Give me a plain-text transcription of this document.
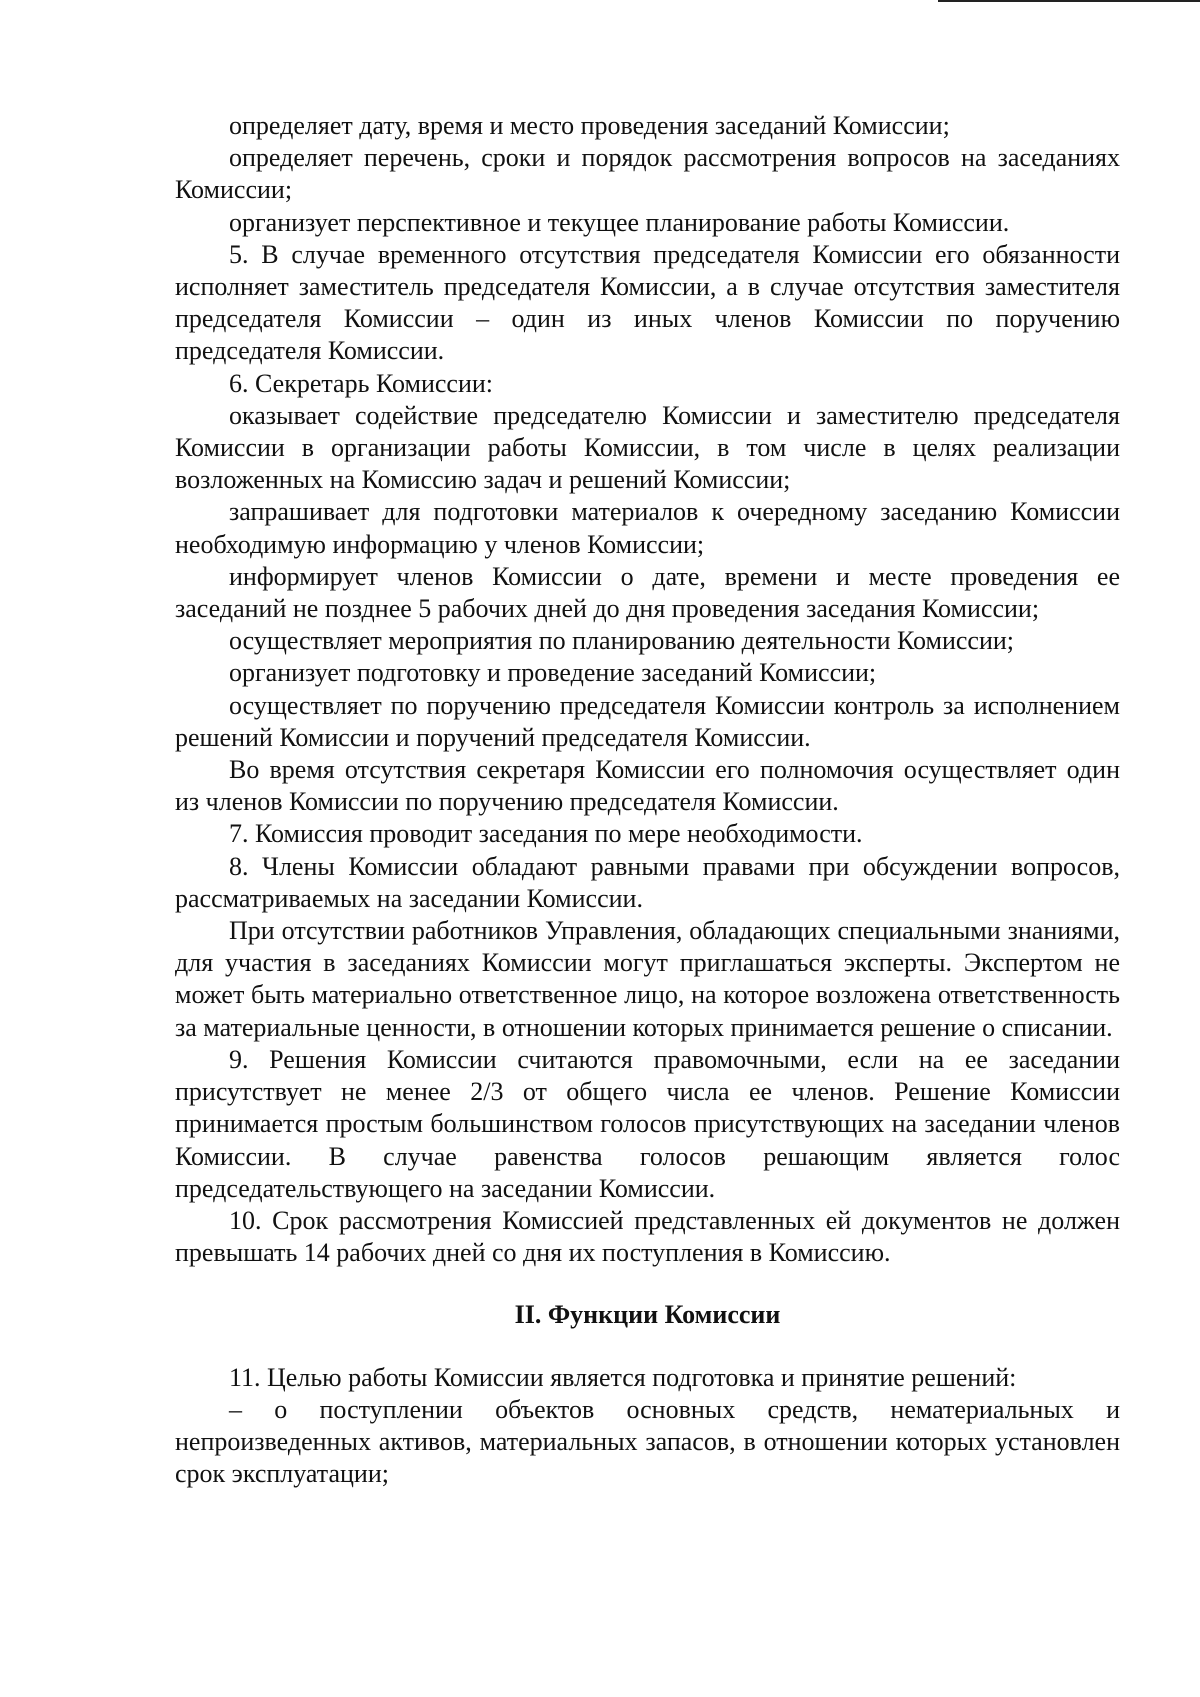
определяет дату, время и место проведения заседаний Комиссии;

определяет перечень, сроки и порядок рассмотрения вопросов на заседаниях Комиссии;

организует перспективное и текущее планирование работы Комиссии.

5. В случае временного отсутствия председателя Комиссии его обязанности исполняет заместитель председателя Комиссии, а в случае отсутствия заместителя председателя Комиссии – один из иных членов Комиссии по поручению председателя Комиссии.

6. Секретарь Комиссии:

оказывает содействие председателю Комиссии и заместителю председателя Комиссии в организации работы Комиссии, в том числе в целях реализации возложенных на Комиссию задач и решений Комиссии;

запрашивает для подготовки материалов к очередному заседанию Комиссии необходимую информацию у членов Комиссии;

информирует членов Комиссии о дате, времени и месте проведения ее заседаний не позднее 5 рабочих дней до дня проведения заседания Комиссии;

осуществляет мероприятия по планированию деятельности Комиссии;

организует подготовку и проведение заседаний Комиссии;

осуществляет по поручению председателя Комиссии контроль за исполнением решений Комиссии и поручений председателя Комиссии.

Во время отсутствия секретаря Комиссии его полномочия осуществляет один из членов Комиссии по поручению председателя Комиссии.

7. Комиссия проводит заседания по мере необходимости.

8. Члены Комиссии обладают равными правами при обсуждении вопросов, рассматриваемых на заседании Комиссии.

При отсутствии работников Управления, обладающих специальными знаниями, для участия в заседаниях Комиссии могут приглашаться эксперты. Экспертом не может быть материально ответственное лицо, на которое возложена ответственность за материальные ценности, в отношении которых принимается решение о списании.

9. Решения Комиссии считаются правомочными, если на ее заседании присутствует не менее 2/3 от общего числа ее членов. Решение Комиссии принимается простым большинством голосов присутствующих на заседании членов Комиссии. В случае равенства голосов решающим является голос председательствующего на заседании Комиссии.

10. Срок рассмотрения Комиссией представленных ей документов не должен превышать 14 рабочих дней со дня их поступления в Комиссию.

II. Функции Комиссии

11. Целью работы Комиссии является подготовка и принятие решений:

– о поступлении объектов основных средств, нематериальных и непроизведенных активов, материальных запасов, в отношении которых установлен срок эксплуатации;
